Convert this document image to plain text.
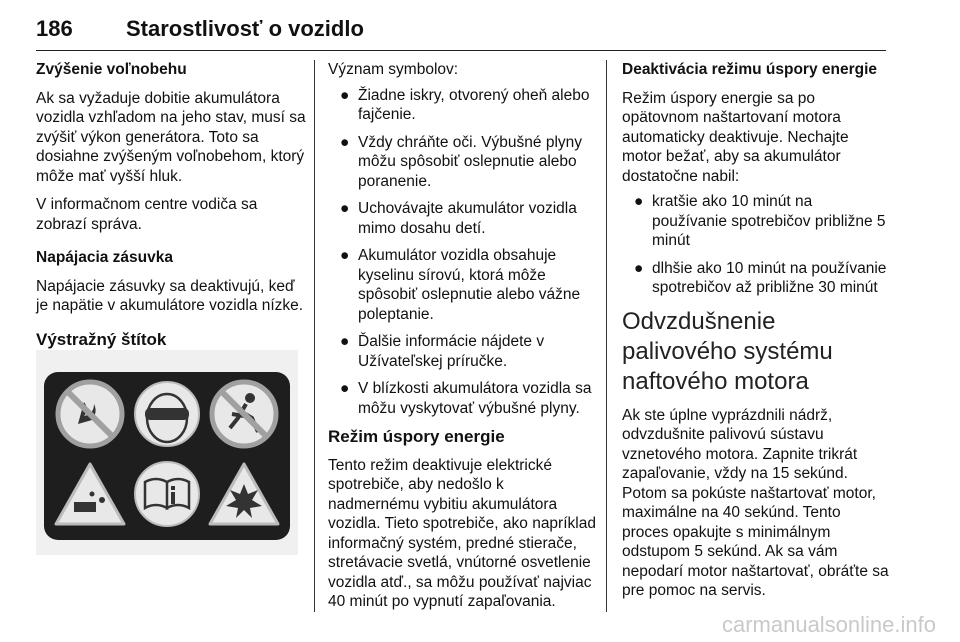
186 Starostlivosť o vozidlo

Zvýšenie voľnobehu

Ak sa vyžaduje dobitie akumulátora vozidla vzhľadom na jeho stav, musí sa zvýšiť výkon generátora. Toto sa dosiahne zvýšeným voľnobehom, ktorý môže mať vyšší hluk.

V informačnom centre vodiča sa zobrazí správa.

Napájacia zásuvka

Napájacie zásuvky sa deaktivujú, keď je napätie v akumulátore vozidla nízke.

Výstražný štítok

Význam symbolov:

● Žiadne iskry, otvorený oheň alebo fajčenie.
● Vždy chráňte oči. Výbušné plyny môžu spôsobiť oslepnutie alebo poranenie.
● Uchovávajte akumulátor vozidla mimo dosahu detí.
● Akumulátor vozidla obsahuje kyselinu sírovú, ktorá môže spôsobiť oslepnutie alebo vážne poleptanie.
● Ďalšie informácie nájdete v Užívateľskej príručke.
● V blízkosti akumulátora vozidla sa môžu vyskytovať výbušné plyny.

Režim úspory energie

Tento režim deaktivuje elektrické spotrebiče, aby nedošlo k nadmernému vybitiu akumulátora vozidla. Tieto spotrebiče, ako napríklad informačný systém, predné stierače, stretávacie svetlá, vnútorné osvetlenie vozidla atď., sa môžu používať najviac 40 minút po vypnutí zapaľovania.

Deaktivácia režimu úspory energie

Režim úspory energie sa po opätovnom naštartovaní motora automaticky deaktivuje. Nechajte motor bežať, aby sa akumulátor dostatočne nabil:

● kratšie ako 10 minút na používanie spotrebičov približne 5 minút
● dlhšie ako 10 minút na používanie spotrebičov až približne 30 minút

Odvzdušnenie palivového systému naftového motora

Ak ste úplne vyprázdnili nádrž, odvzdušnite palivovú sústavu vznetového motora. Zapnite trikrát zapaľovanie, vždy na 15 sekúnd. Potom sa pokúste naštartovať motor, maximálne na 40 sekúnd. Tento proces opakujte s minimálnym odstupom 5 sekúnd. Ak sa vám nepodarí motor naštartovať, obráťte sa pre pomoc na servis.

carmanualsonline.info
